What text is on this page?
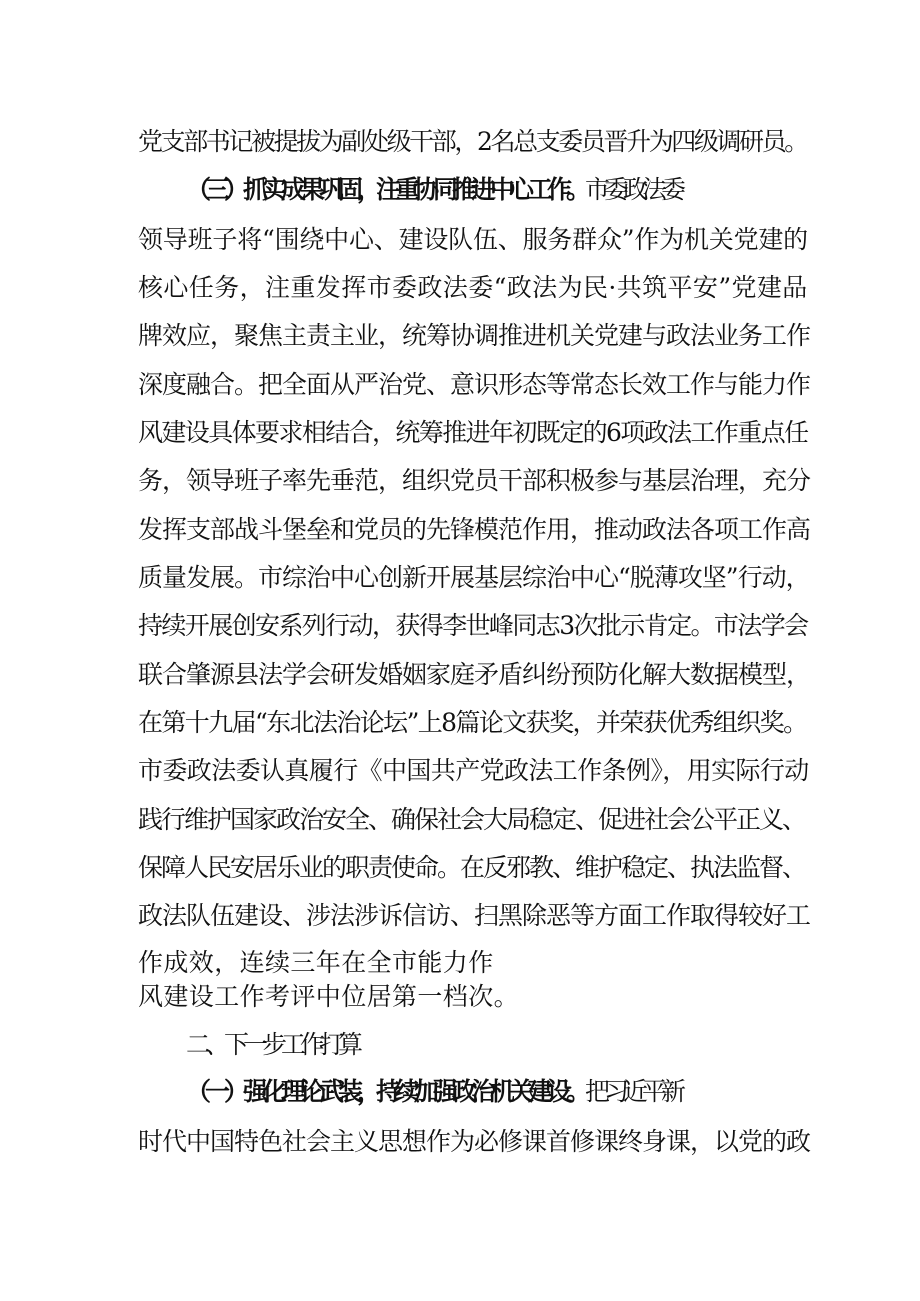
党支部书记被提拔为副处级干部，2名总支委员晋升为四级调研员。
（三）抓实成果巩固，注重协同推进中心工作。市委政法委
领导班子将“围绕中心、建设队伍、服务群众”作为机关党建的
核心任务，注重发挥市委政法委“政法为民·共筑平安”党建品
牌效应，聚焦主责主业，统筹协调推进机关党建与政法业务工作
深度融合。把全面从严治党、意识形态等常态长效工作与能力作
风建设具体要求相结合，统筹推进年初既定的6项政法工作重点任
务，领导班子率先垂范，组织党员干部积极参与基层治理，充分
发挥支部战斗堡垒和党员的先锋模范作用，推动政法各项工作高
质量发展。市综治中心创新开展基层综治中心“脱薄攻坚”行动，
持续开展创安系列行动，获得李世峰同志3次批示肯定。市法学会
联合肇源县法学会研发婚姻家庭矛盾纠纷预防化解大数据模型，
在第十九届“东北法治论坛”上8篇论文获奖，并荣获优秀组织奖。
市委政法委认真履行《中国共产党政法工作条例》，用实际行动
践行维护国家政治安全、确保社会大局稳定、促进社会公平正义、
保障人民安居乐业的职责使命。在反邪教、维护稳定、执法监督、
政法队伍建设、涉法涉诉信访、扫黑除恶等方面工作取得较好工
作成效，连续三年在全市能力作
风建设工作考评中位居第一档次。
二、下一步工作打算
（一）强化理论武装，持续加强政治机关建设。把习近平新
时代中国特色社会主义思想作为必修课首修课终身课，以党的政
